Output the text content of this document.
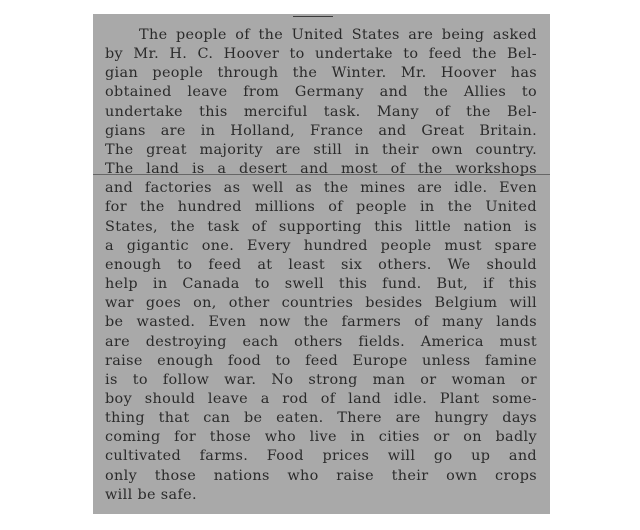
The people of the United States are being asked
by Mr. H. C. Hoover to undertake to feed the Bel-
gian people through the Winter. Mr. Hoover has
obtained leave from Germany and the Allies to
undertake this merciful task. Many of the Bel-
gians are in Holland, France and Great Britain.
The great majority are still in their own country.
The land is a desert and most of the workshops
and factories as well as the mines are idle. Even
for the hundred millions of people in the United
States, the task of supporting this little nation is
a gigantic one. Every hundred people must spare
enough to feed at least six others. We should
help in Canada to swell this fund. But, if this
war goes on, other countries besides Belgium will
be wasted. Even now the farmers of many lands
are destroying each others fields. America must
raise enough food to feed Europe unless famine
is to follow war. No strong man or woman or
boy should leave a rod of land idle. Plant some-
thing that can be eaten. There are hungry days
coming for those who live in cities or on badly
cultivated farms. Food prices will go up and
only those nations who raise their own crops
will be safe.
